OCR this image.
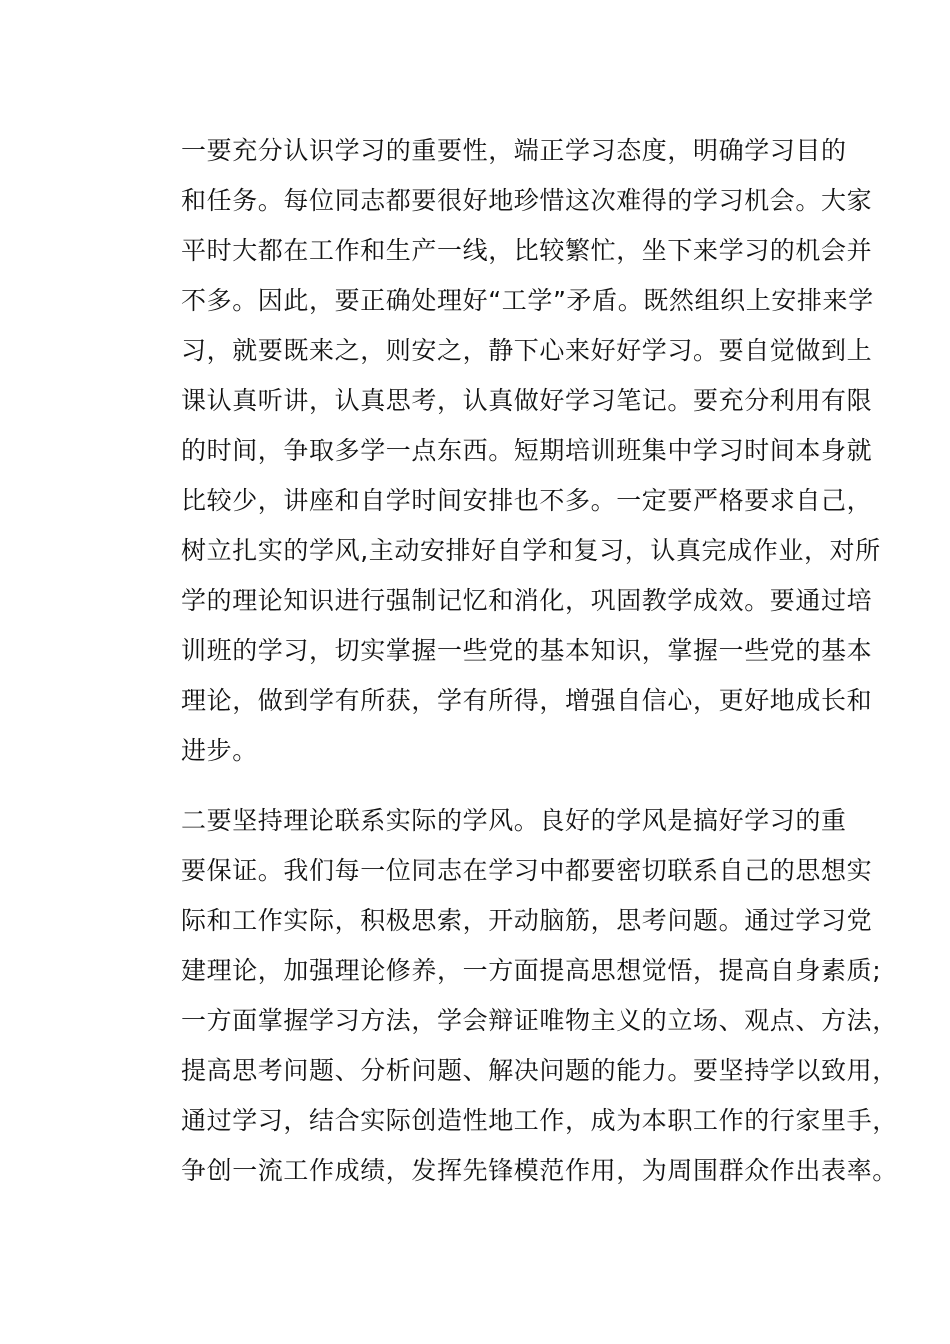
一要充分认识学习的重要性，端正学习态度，明确学习目的
和任务。每位同志都要很好地珍惜这次难得的学习机会。大家
平时大都在工作和生产一线，比较繁忙，坐下来学习的机会并
不多。因此，要正确处理好“工学”矛盾。既然组织上安排来学
习，就要既来之，则安之，静下心来好好学习。要自觉做到上
课认真听讲，认真思考，认真做好学习笔记。要充分利用有限
的时间，争取多学一点东西。短期培训班集中学习时间本身就
比较少，讲座和自学时间安排也不多。一定要严格要求自己，
树立扎实的学风,主动安排好自学和复习，认真完成作业，对所
学的理论知识进行强制记忆和消化，巩固教学成效。要通过培
训班的学习，切实掌握一些党的基本知识，掌握一些党的基本
理论，做到学有所获，学有所得，增强自信心，更好地成长和
进步。

二要坚持理论联系实际的学风。良好的学风是搞好学习的重
要保证。我们每一位同志在学习中都要密切联系自己的思想实
际和工作实际，积极思索，开动脑筋，思考问题。通过学习党
建理论，加强理论修养，一方面提高思想觉悟，提高自身素质;
一方面掌握学习方法，学会辩证唯物主义的立场、观点、方法，
提高思考问题、分析问题、解决问题的能力。要坚持学以致用，
通过学习，结合实际创造性地工作，成为本职工作的行家里手，
争创一流工作成绩，发挥先锋模范作用，为周围群众作出表率。
